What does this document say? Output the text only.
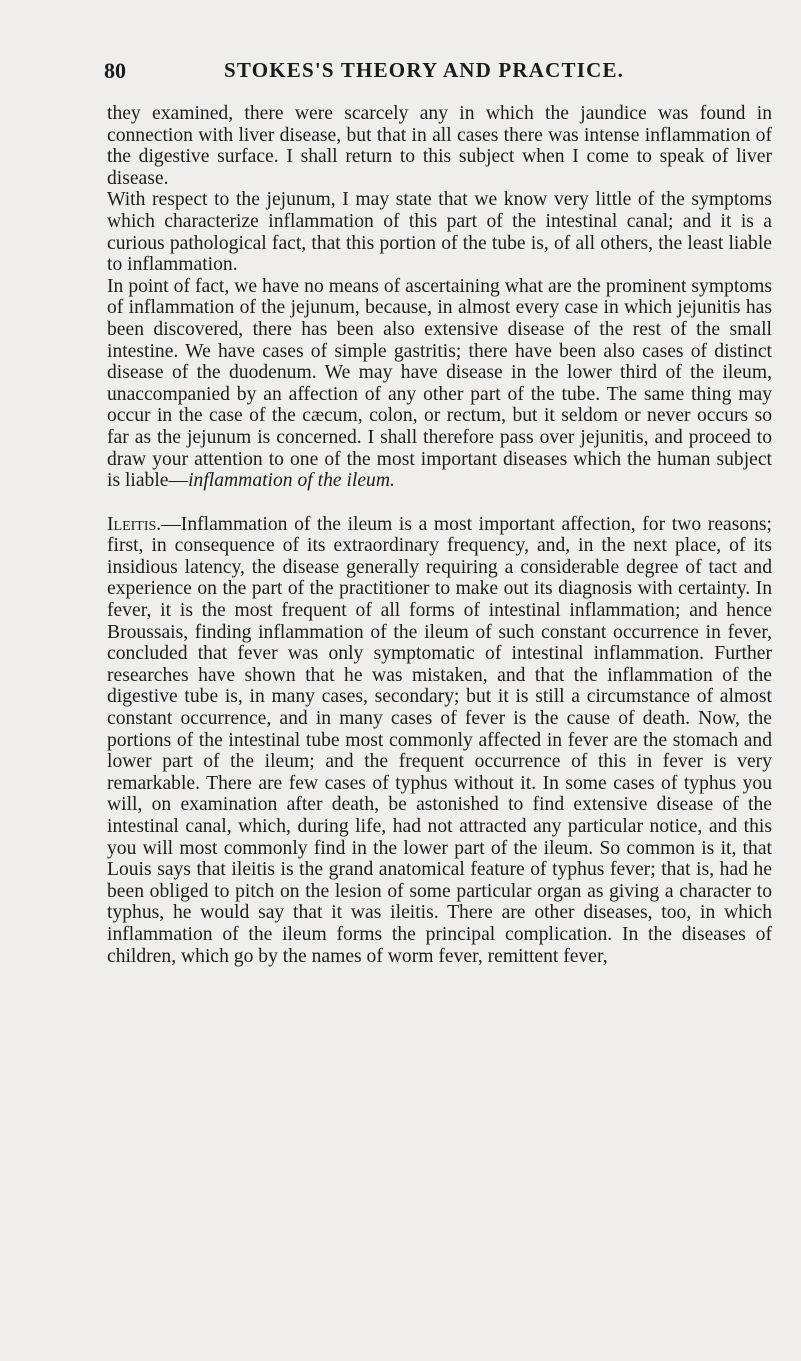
80	STOKES'S THEORY AND PRACTICE.

they examined, there were scarcely any in which the jaundice was found in connection with liver disease, but that in all cases there was intense inflammation of the digestive surface. I shall return to this subject when I come to speak of liver disease.

With respect to the jejunum, I may state that we know very little of the symptoms which characterize inflammation of this part of the intestinal canal; and it is a curious pathological fact, that this portion of the tube is, of all others, the least liable to inflammation.

In point of fact, we have no means of ascertaining what are the prominent symptoms of inflammation of the jejunum, because, in almost every case in which jejunitis has been discovered, there has been also extensive disease of the rest of the small intestine. We have cases of simple gastritis; there have been also cases of distinct disease of the duodenum. We may have disease in the lower third of the ileum, unaccompanied by an affection of any other part of the tube. The same thing may occur in the case of the cæcum, colon, or rectum, but it seldom or never occurs so far as the jejunum is concerned. I shall therefore pass over jejunitis, and proceed to draw your attention to one of the most important diseases which the human subject is liable—inflammation of the ileum.

Ileitis.—Inflammation of the ileum is a most important affection, for two reasons; first, in consequence of its extraordinary frequency, and, in the next place, of its insidious latency, the disease generally requiring a considerable degree of tact and experience on the part of the practitioner to make out its diagnosis with certainty. In fever, it is the most frequent of all forms of intestinal inflammation; and hence Broussais, finding inflammation of the ileum of such constant occurrence in fever, concluded that fever was only symptomatic of intestinal inflammation. Further researches have shown that he was mistaken, and that the inflammation of the digestive tube is, in many cases, secondary; but it is still a circumstance of almost constant occurrence, and in many cases of fever is the cause of death. Now, the portions of the intestinal tube most commonly affected in fever are the stomach and lower part of the ileum; and the frequent occurrence of this in fever is very remarkable. There are few cases of typhus without it. In some cases of typhus you will, on examination after death, be astonished to find extensive disease of the intestinal canal, which, during life, had not attracted any particular notice, and this you will most commonly find in the lower part of the ileum. So common is it, that Louis says that ileitis is the grand anatomical feature of typhus fever; that is, had he been obliged to pitch on the lesion of some particular organ as giving a character to typhus, he would say that it was ileitis. There are other diseases, too, in which inflammation of the ileum forms the principal complication. In the diseases of children, which go by the names of worm fever, remittent fever,
